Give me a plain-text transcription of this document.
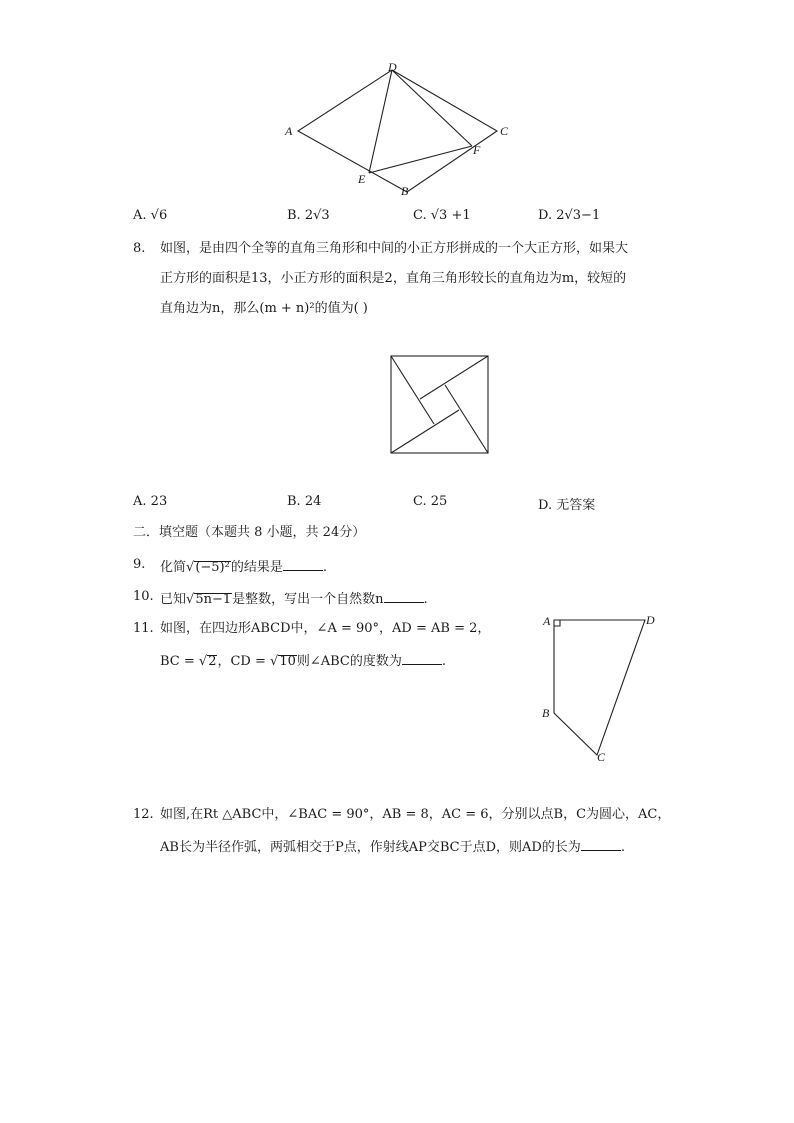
D
A	C
F
E
B
A. √6	B. 2√3	C. √3 +1	D. 2√3−1
8. 如图，是由四个全等的直角三角形和中间的小正方形拼成的一个大正方形，如果大
正方形的面积是13，小正方形的面积是2，直角三角形较长的直角边为m，较短的
直角边为n，那么(m + n)²的值为( )
A. 23	B. 24	C. 25	D. 无答案
二．填空题（本题共 8 小题，共 24分）
9. 化简√(−5)²的结果是	.
10. 已知√5n−1是整数，写出一个自然数n	.
11. 如图，在四边形ABCD中，∠A = 90°，AD = AB = 2，
BC = √2，CD = √10则∠ABC的度数为	.
A	D
B
C
12. 如图,在Rt △ABC中，∠BAC = 90°，AB = 8，AC = 6，分别以点B，C为圆心，AC，
AB长为半径作弧，两弧相交于P点，作射线AP交BC于点D，则AD的长为	.
